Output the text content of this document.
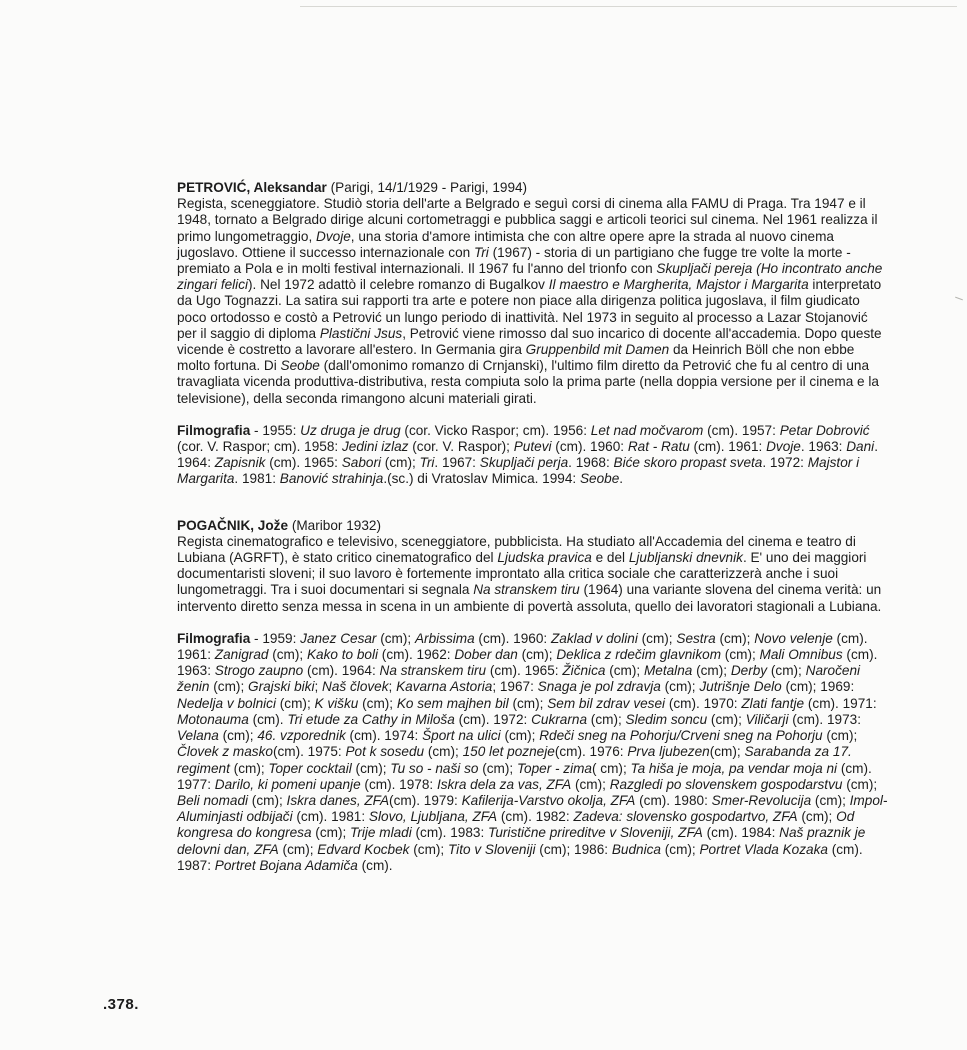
PETROVIĆ, Aleksandar (Parigi, 14/1/1929 - Parigi, 1994)
Regista, sceneggiatore. Studiò storia dell'arte a Belgrado e seguì corsi di cinema alla FAMU di Praga. Tra 1947 e il 1948, tornato a Belgrado dirige alcuni cortometraggi e pubblica saggi e articoli teorici sul cinema. Nel 1961 realizza il primo lungometraggio, Dvoje, una storia d'amore intimista che con altre opere apre la strada al nuovo cinema jugoslavo. Ottiene il successo internazionale con Tri (1967) - storia di un partigiano che fugge tre volte la morte - premiato a Pola e in molti festival internazionali. Il 1967 fu l'anno del trionfo con Skupljači pereja (Ho incontrato anche zingari felici). Nel 1972 adattò il celebre romanzo di Bugalkov Il maestro e Margherita, Majstor i Margarita interpretato da Ugo Tognazzi. La satira sui rapporti tra arte e potere non piace alla dirigenza politica jugoslava, il film giudicato poco ortodosso e costò a Petrović un lungo periodo di inattività. Nel 1973 in seguito al processo a Lazar Stojanović per il saggio di diploma Plastični Jsus, Petrović viene rimosso dal suo incarico di docente all'accademia. Dopo queste vicende è costretto a lavorare all'estero. In Germania gira Gruppenbild mit Damen da Heinrich Böll che non ebbe molto fortuna. Di Seobe (dall'omonimo romanzo di Crnjanski), l'ultimo film diretto da Petrović che fu al centro di una travagliata vicenda produttiva-distributiva, resta compiuta solo la prima parte (nella doppia versione per il cinema e la televisione), della seconda rimangono alcuni materiali girati.

Filmografia - 1955: Uz druga je drug (cor. Vicko Raspor; cm). 1956: Let nad močvarom (cm). 1957: Petar Dobrović (cor. V. Raspor; cm). 1958: Jedini izlaz (cor. V. Raspor); Putevi (cm). 1960: Rat - Ratu (cm). 1961: Dvoje. 1963: Dani. 1964: Zapisnik (cm). 1965: Sabori (cm); Tri. 1967: Skupljači perja. 1968: Biće skoro propast sveta. 1972: Majstor i Margarita. 1981: Banović strahinja.(sc.) di Vratoslav Mimica. 1994: Seobe.

POGAČNIK, Jože (Maribor 1932)
Regista cinematografico e televisivo, sceneggiatore, pubblicista. Ha studiato all'Accademia del cinema e teatro di Lubiana (AGRFT), è stato critico cinematografico del Ljudska pravica e del Ljubljanski dnevnik. E' uno dei maggiori documentaristi sloveni; il suo lavoro è fortemente improntato alla critica sociale che caratterizzerà anche i suoi lungometraggi. Tra i suoi documentari si segnala Na stranskem tiru (1964) una variante slovena del cinema verità: un intervento diretto senza messa in scena in un ambiente di povertà assoluta, quello dei lavoratori stagionali a Lubiana.

Filmografia - 1959: Janez Cesar (cm); Arbissima (cm). 1960: Zaklad v dolini (cm); Sestra (cm); Novo velenje (cm). 1961: Zanigrad (cm); Kako to boli (cm). 1962: Dober dan (cm); Deklica z rdečim glavnikom (cm); Mali Omnibus (cm). 1963: Strogo zaupno (cm). 1964: Na stranskem tiru (cm). 1965: Žičnica (cm); Metalna (cm); Derby (cm); Naročeni ženin (cm); Grajski biki; Naš človek; Kavarna Astoria; 1967: Snaga je pol zdravja (cm); Jutrišnje Delo (cm); 1969: Nedelja v bolnici (cm); K višku (cm); Ko sem majhen bil (cm); Sem bil zdrav vesei (cm). 1970: Zlati fantje (cm). 1971: Motonauma (cm). Tri etude za Cathy in Miloša (cm). 1972: Cukrarna (cm); Sledim soncu (cm); Viličarji (cm). 1973: Velana (cm); 46. vzporednik (cm). 1974: Šport na ulici (cm); Rdeči sneg na Pohorju/Crveni sneg na Pohorju (cm); Človek z masko(cm). 1975: Pot k sosedu (cm); 150 let pozneje(cm). 1976: Prva ljubezen(cm); Sarabanda za 17. regiment (cm); Toper cocktail (cm); Tu so - naši so (cm); Toper - zima( cm); Ta hiša je moja, pa vendar moja ni (cm). 1977: Darilo, ki pomeni upanje (cm). 1978: Iskra dela za vas, ZFA (cm); Razgledi po slovenskem gospodarstvu (cm); Beli nomadi (cm); Iskra danes, ZFA(cm). 1979: Kafilerija-Varstvo okolja, ZFA (cm). 1980: Smer-Revolucija (cm); Impol-Aluminjasti odbijači (cm). 1981: Slovo, Ljubljana, ZFA (cm). 1982: Zadeva: slovensko gospodartvo, ZFA (cm); Od kongresa do kongresa (cm); Trije mladi (cm). 1983: Turistične prireditve v Sloveniji, ZFA (cm). 1984: Naš praznik je delovni dan, ZFA (cm); Edvard Kocbek (cm); Tito v Sloveniji (cm); 1986: Budnica (cm); Portret Vlada Kozaka (cm). 1987: Portret Bojana Adamiča (cm).

.378.
